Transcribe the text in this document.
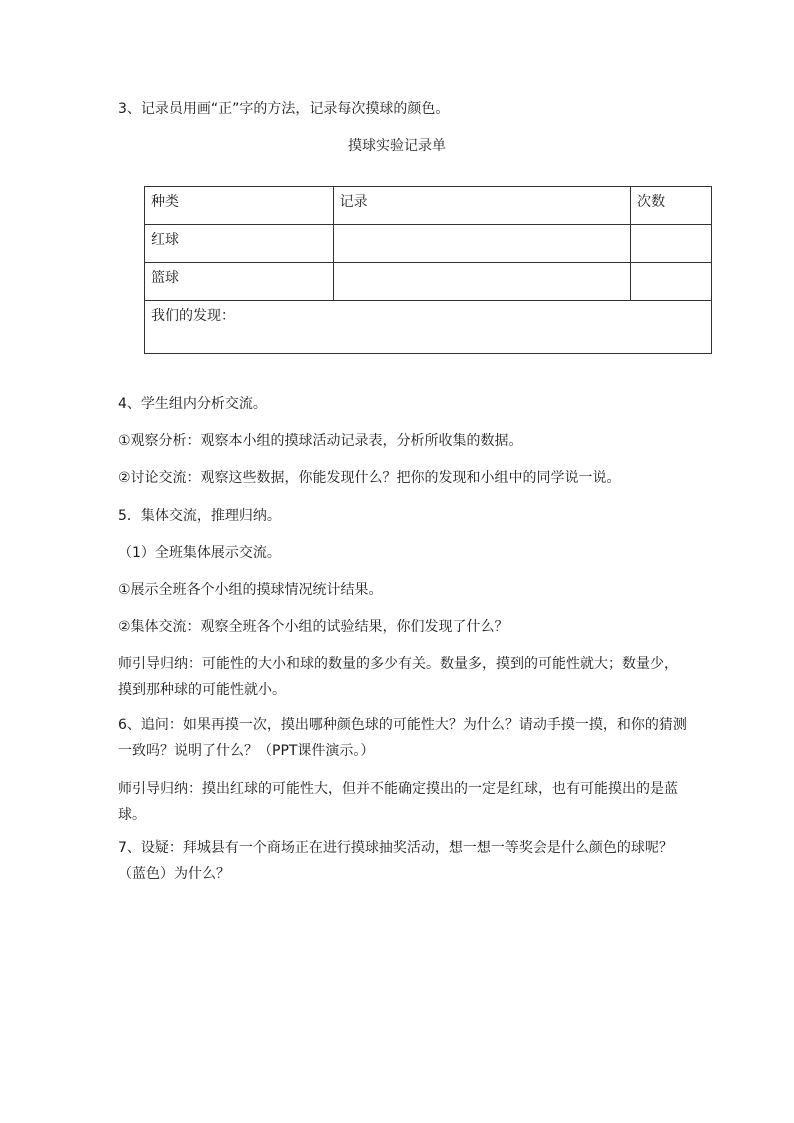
3、记录员用画“正”字的方法，记录每次摸球的颜色。
摸球实验记录单
种类	记录	次数
红球		
篮球		
我们的发现：		
4、学生组内分析交流。
①观察分析：观察本小组的摸球活动记录表，分析所收集的数据。
②讨论交流：观察这些数据，你能发现什么？把你的发现和小组中的同学说一说。
5．集体交流，推理归纳。
（1）全班集体展示交流。
①展示全班各个小组的摸球情况统计结果。
②集体交流：观察全班各个小组的试验结果，你们发现了什么？
师引导归纳：可能性的大小和球的数量的多少有关。数量多，摸到的可能性就大；数量少，摸到那种球的可能性就小。
6、追问：如果再摸一次，摸出哪种颜色球的可能性大？为什么？请动手摸一摸，和你的猜测一致吗？说明了什么？（PPT课件演示。）
师引导归纳：摸出红球的可能性大，但并不能确定摸出的一定是红球，也有可能摸出的是蓝球。
7、设疑：拜城县有一个商场正在进行摸球抽奖活动，想一想一等奖会是什么颜色的球呢？（蓝色）为什么？
